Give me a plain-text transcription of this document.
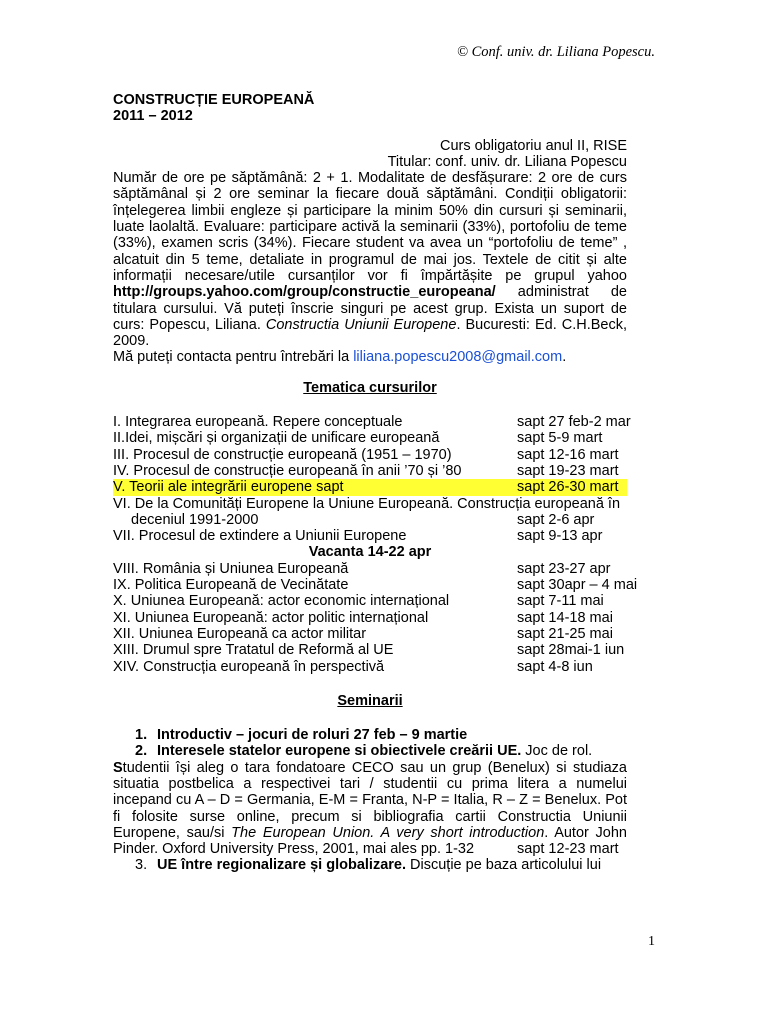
© Conf. univ. dr. Liliana Popescu.
CONSTRUCȚIE EUROPEANĂ
2011 – 2012
Curs obligatoriu anul II, RISE
Titular: conf. univ. dr. Liliana Popescu

Număr de ore pe săptămână: 2 + 1. Modalitate de desfășurare: 2 ore de curs săptămânal și 2 ore seminar la fiecare două săptămâni. Condiții obligatorii: înțelegerea limbii engleze și participare la minim 50% din cursuri și seminarii, luate laolaltă. Evaluare: participare activă la seminarii (33%), portofoliu de teme (33%), examen scris (34%). Fiecare student va avea un “portofoliu de teme” , alcatuit din 5 teme, detaliate in programul de mai jos. Textele de citit și alte informații necesare/utile cursanților vor fi împărtășite pe grupul yahoo http://groups.yahoo.com/group/constructie_europeana/ administrat de titulara cursului. Vă puteți înscrie singuri pe acest grup. Exista un suport de curs: Popescu, Liliana. Constructia Uniunii Europene. Bucuresti: Ed. C.H.Beck, 2009.

Mă puteți contacta pentru întrebări la liliana.popescu2008@gmail.com.

Tematica cursurilor
I. Integrarea europeană. Repere conceptuale	sapt 27 feb-2 mar
II.Idei, mișcări și organizații de unificare europeană	sapt 5-9 mart
III. Procesul de construcție europeană (1951 – 1970)	sapt 12-16 mart
IV. Procesul de construcție europeană în anii ’70 și ’80	sapt 19-23 mart
V. Teorii ale integrării europene sapt	sapt 26-30 mart
VI. De la Comunități Europene la Uniune Europeană. Construcția europeană în
deceniul 1991-2000	sapt 2-6 apr
VII. Procesul de extindere a Uniunii Europene	sapt 9-13 apr
Vacanta 14-22 apr
VIII. România și Uniunea Europeană	sapt 23-27 apr
IX. Politica Europeană de Vecinătate	sapt 30apr – 4 mai
X. Uniunea Europeană: actor economic internațional	sapt 7-11 mai
XI. Uniunea Europeană: actor politic internațional	sapt 14-18 mai
XII. Uniunea Europeană ca actor militar	sapt 21-25 mai
XIII. Drumul spre Tratatul de Reformă al UE	sapt 28mai-1 iun
XIV. Construcția europeană în perspectivă	sapt 4-8 iun
Seminarii
1. Introductiv – jocuri de roluri 27 feb – 9 martie
2. Interesele statelor europene si obiectivele creării UE. Joc de rol.
Studentii își aleg o tara fondatoare CECO sau un grup (Benelux) si studiaza situatia postbelica a respectivei tari / studentii cu prima litera a numelui incepand cu A – D = Germania, E-M = Franta, N-P = Italia, R – Z = Benelux. Pot fi folosite surse online, precum si bibliografia cartii Constructia Uniunii Europene, sau/si The European Union. A very short introduction. Autor John Pinder. Oxford University Press, 2001, mai ales pp. 1-32	sapt 12-23 mart
3. UE între regionalizare și globalizare. Discuție pe baza articolului lui
1
